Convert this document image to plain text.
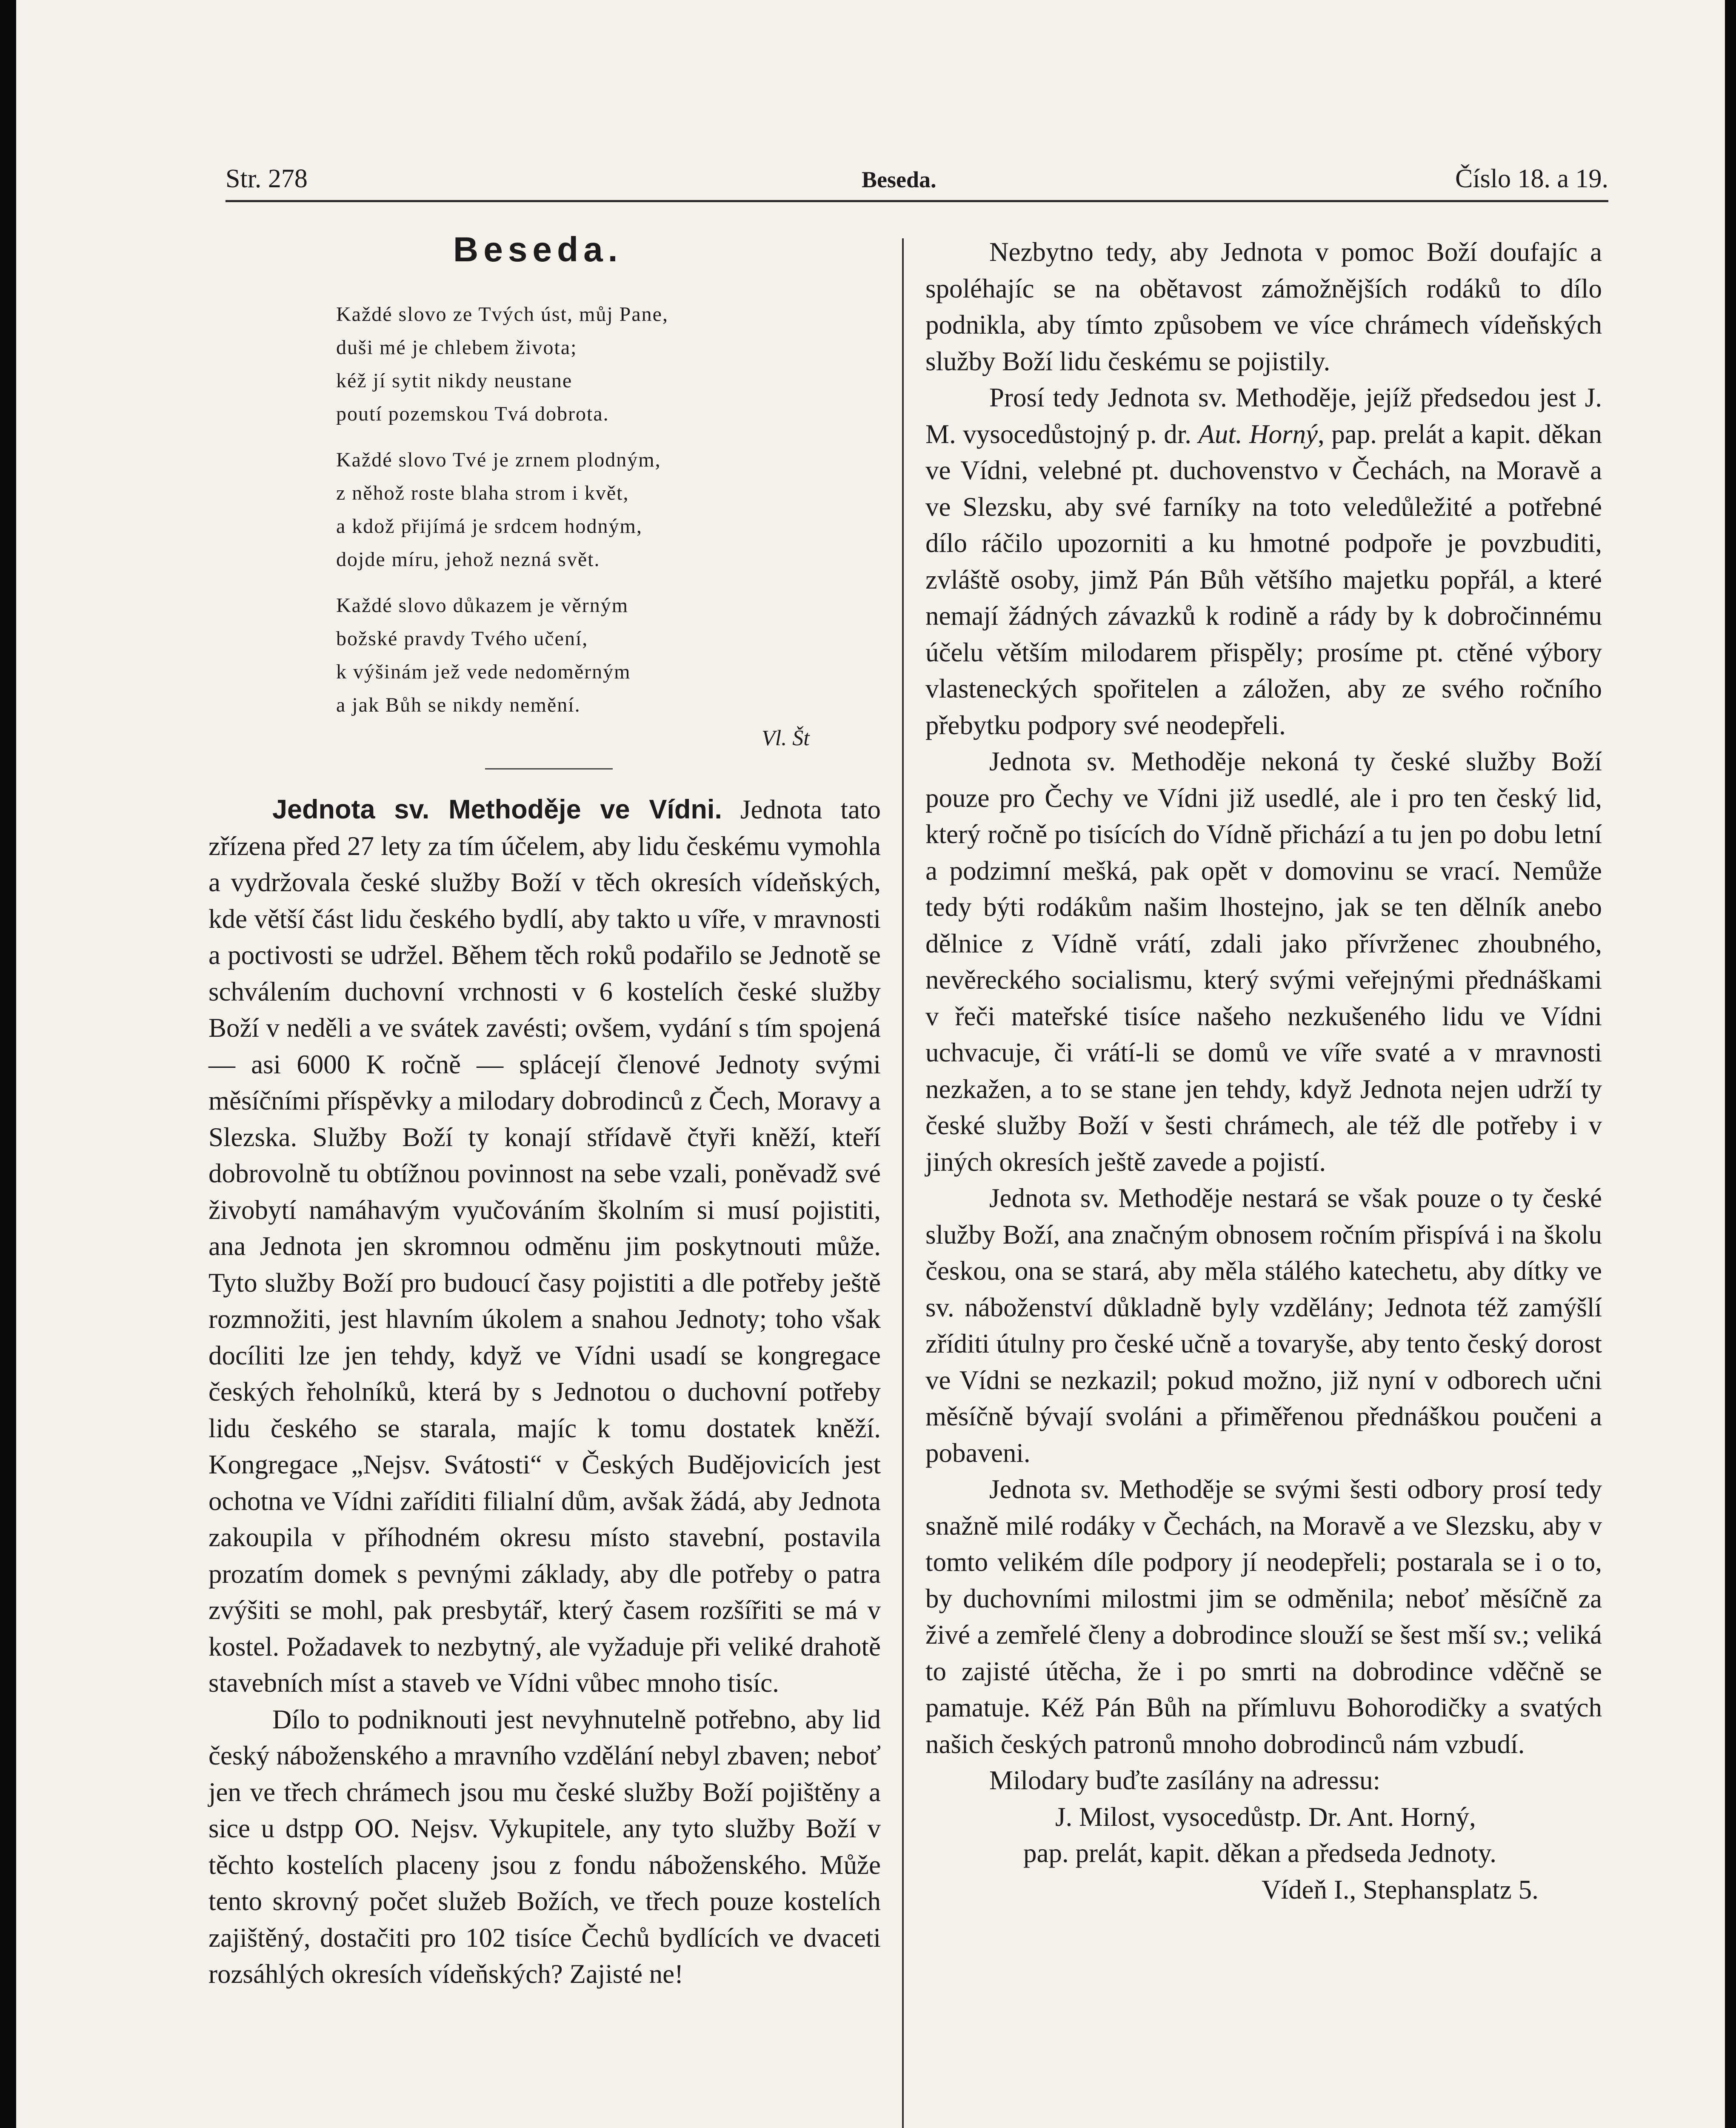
Str. 278	Beseda.	Číslo 18. a 19.
Beseda.
Každé slovo ze Tvých úst, můj Pane,
duši mé je chlebem života;
kéž jí sytit nikdy neustane
poutí pozemskou Tvá dobrota.
Každé slovo Tvé je zrnem plodným,
z něhož roste blaha strom i květ,
a kdož přijímá je srdcem hodným,
dojde míru, jehož nezná svět.
Každé slovo důkazem je věrným
božské pravdy Tvého učení,
k výšinám jež vede nedoměrným
a jak Bůh se nikdy nemění.
Vl. Št

Jednota sv. Methoděje ve Vídni. Jednota tato zřízena před 27 lety za tím účelem, aby lidu českému vymohla a vydržovala české služby Boží v těch okresích vídeňských, kde větší část lidu českého bydlí, aby takto u víře, v mravnosti a poctivosti se udržel. Během těch roků podařilo se Jednotě se schválením duchovní vrchnosti v 6 kostelích české služby Boží v neděli a ve svátek zavésti; ovšem, vydání s tím spojená — asi 6000 K ročně — splácejí členové Jednoty svými měsíčními příspěvky a milodary dobrodinců z Čech, Moravy a Slezska. Služby Boží ty konají střídavě čtyři kněží, kteří dobrovolně tu obtížnou povinnost na sebe vzali, poněvadž své živobytí namáhavým vyučováním školním si musí pojistiti, ana Jednota jen skromnou odměnu jim poskytnouti může. Tyto služby Boží pro budoucí časy pojistiti a dle potřeby ještě rozmnožiti, jest hlavním úkolem a snahou Jednoty; toho však docíliti lze jen tehdy, když ve Vídni usadí se kongregace českých řeholníků, která by s Jednotou o duchovní potřeby lidu českého se starala, majíc k tomu dostatek kněží. Kongregace „Nejsv. Svátosti“ v Českých Budějovicích jest ochotna ve Vídni zaříditi filialní dům, avšak žádá, aby Jednota zakoupila v příhodném okresu místo stavební, postavila prozatím domek s pevnými základy, aby dle potřeby o patra zvýšiti se mohl, pak presbytář, který časem rozšířiti se má v kostel. Požadavek to nezbytný, ale vyžaduje při veliké drahotě stavebních míst a staveb ve Vídni vůbec mnoho tisíc.

Dílo to podniknouti jest nevyhnutelně potřebno, aby lid český náboženského a mravního vzdělání nebyl zbaven; neboť jen ve třech chrámech jsou mu české služby Boží pojištěny a sice u dstpp OO. Nejsv. Vykupitele, any tyto služby Boží v těchto kostelích placeny jsou z fondu náboženského. Může tento skrovný počet služeb Božích, ve třech pouze kostelích zajištěný, dostačiti pro 102 tisíce Čechů bydlících ve dvaceti rozsáhlých okresích vídeňských? Zajisté ne!

Nezbytno tedy, aby Jednota v pomoc Boží doufajíc a spoléhajíc se na obětavost zámožnějších rodáků to dílo podnikla, aby tímto způsobem ve více chrámech vídeňských služby Boží lidu českému se pojistily.

Prosí tedy Jednota sv. Methoděje, jejíž předsedou jest J. M. vysocedůstojný p. dr. Aut. Horný, pap. prelát a kapit. děkan ve Vídni, velebné pt. duchovenstvo v Čechách, na Moravě a ve Slezsku, aby své farníky na toto veledůležité a potřebné dílo ráčilo upozorniti a ku hmotné podpoře je povzbuditi, zvláště osoby, jimž Pán Bůh většího majetku popřál, a které nemají žádných závazků k rodině a rády by k dobročinnému účelu větším milodarem přispěly; prosíme pt. ctěné výbory vlasteneckých spořitelen a záložen, aby ze svého ročního přebytku podpory své neodepřeli.

Jednota sv. Methoděje nekoná ty české služby Boží pouze pro Čechy ve Vídni již usedlé, ale i pro ten český lid, který ročně po tisících do Vídně přichází a tu jen po dobu letní a podzimní mešká, pak opět v domovinu se vrací. Nemůže tedy býti rodákům našim lhostejno, jak se ten dělník anebo dělnice z Vídně vrátí, zdali jako přívrženec zhoubného, nevěreckého socialismu, který svými veřejnými přednáškami v řeči mateřské tisíce našeho nezkušeného lidu ve Vídni uchvacuje, či vrátí-li se domů ve víře svaté a v mravnosti nezkažen, a to se stane jen tehdy, když Jednota nejen udrží ty české služby Boží v šesti chrámech, ale též dle potřeby i v jiných okresích ještě zavede a pojistí.

Jednota sv. Methoděje nestará se však pouze o ty české služby Boží, ana značným obnosem ročním přispívá i na školu českou, ona se stará, aby měla stálého katechetu, aby dítky ve sv. náboženství důkladně byly vzdělány; Jednota též zamýšlí zříditi útulny pro české učně a tovaryše, aby tento český dorost ve Vídni se nezkazil; pokud možno, již nyní v odborech učni měsíčně bývají svoláni a přiměřenou přednáškou poučeni a pobaveni.

Jednota sv. Methoděje se svými šesti odbory prosí tedy snažně milé rodáky v Čechách, na Moravě a ve Slezsku, aby v tomto velikém díle podpory jí neodepřeli; postarala se i o to, by duchovními milostmi jim se odměnila; neboť měsíčně za živé a zemřelé členy a dobrodince slouží se šest mší sv.; veliká to zajisté útěcha, že i po smrti na dobrodince vděčně se pamatuje. Kéž Pán Bůh na přímluvu Bohorodičky a svatých našich českých patronů mnoho dobrodinců nám vzbudí.

Milodary buďte zasílány na adressu:

J. Milost, vysocedůstp. Dr. Ant. Horný,

pap. prelát, kapit. děkan a předseda Jednoty.

Vídeň I., Stephansplatz 5.
